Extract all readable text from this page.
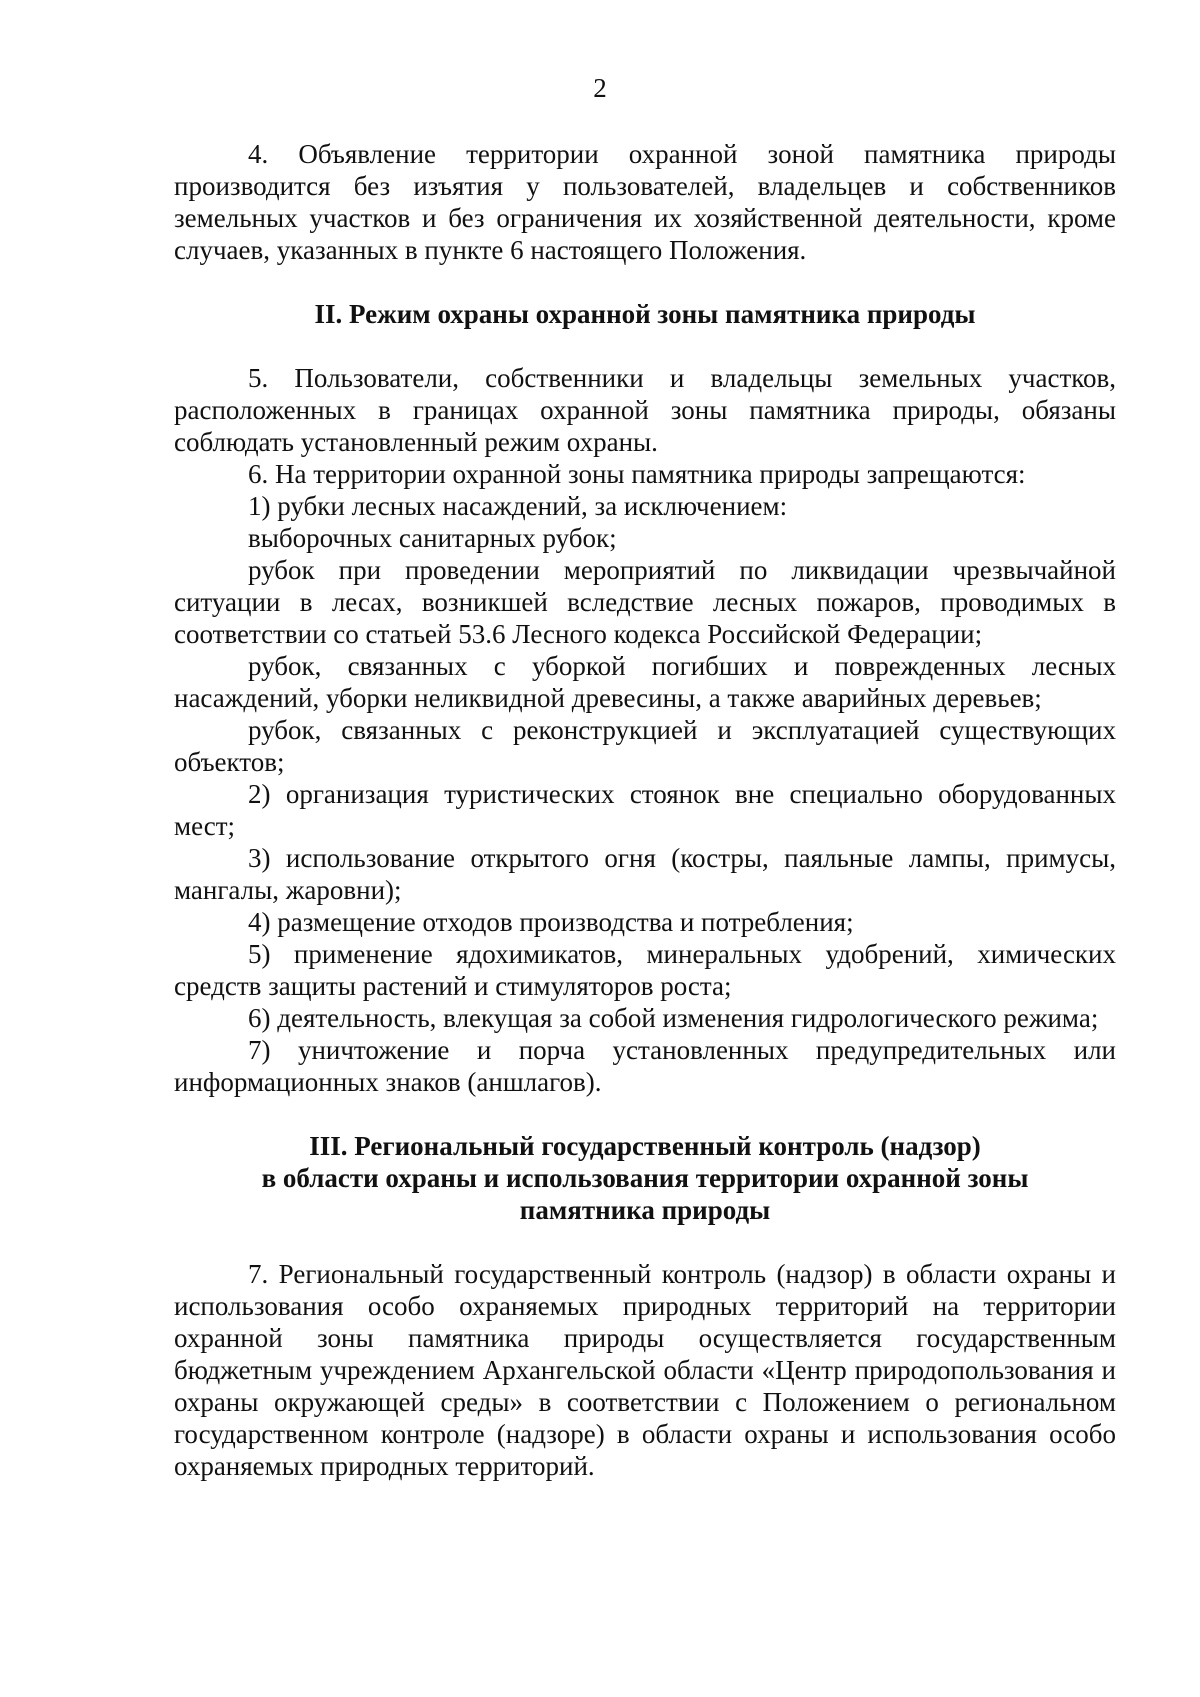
2

4. Объявление территории охранной зоной памятника природы производится без изъятия у пользователей, владельцев и собственников земельных участков и без ограничения их хозяйственной деятельности, кроме случаев, указанных в пункте 6 настоящего Положения.

II. Режим охраны охранной зоны памятника природы

5. Пользователи, собственники и владельцы земельных участков, расположенных в границах охранной зоны памятника природы, обязаны соблюдать установленный режим охраны.

6. На территории охранной зоны памятника природы запрещаются:

1) рубки лесных насаждений, за исключением:

выборочных санитарных рубок;

рубок при проведении мероприятий по ликвидации чрезвычайной ситуации в лесах, возникшей вследствие лесных пожаров, проводимых в соответствии со статьей 53.6 Лесного кодекса Российской Федерации;

рубок, связанных с уборкой погибших и поврежденных лесных насаждений, уборки неликвидной древесины, а также аварийных деревьев;

рубок, связанных с реконструкцией и эксплуатацией существующих объектов;

2) организация туристических стоянок вне специально оборудованных мест;

3) использование открытого огня (костры, паяльные лампы, примусы, мангалы, жаровни);

4) размещение отходов производства и потребления;

5) применение ядохимикатов, минеральных удобрений, химических средств защиты растений и стимуляторов роста;

6) деятельность, влекущая за собой изменения гидрологического режима;

7) уничтожение и порча установленных предупредительных или информационных знаков (аншлагов).

III. Региональный государственный контроль (надзор)
в области охраны и использования территории охранной зоны
памятника природы

7. Региональный государственный контроль (надзор) в области охраны и использования особо охраняемых природных территорий на территории охранной зоны памятника природы осуществляется государственным бюджетным учреждением Архангельской области «Центр природопользования и охраны окружающей среды» в соответствии с Положением о региональном государственном контроле (надзоре) в области охраны и использования особо охраняемых природных территорий.
